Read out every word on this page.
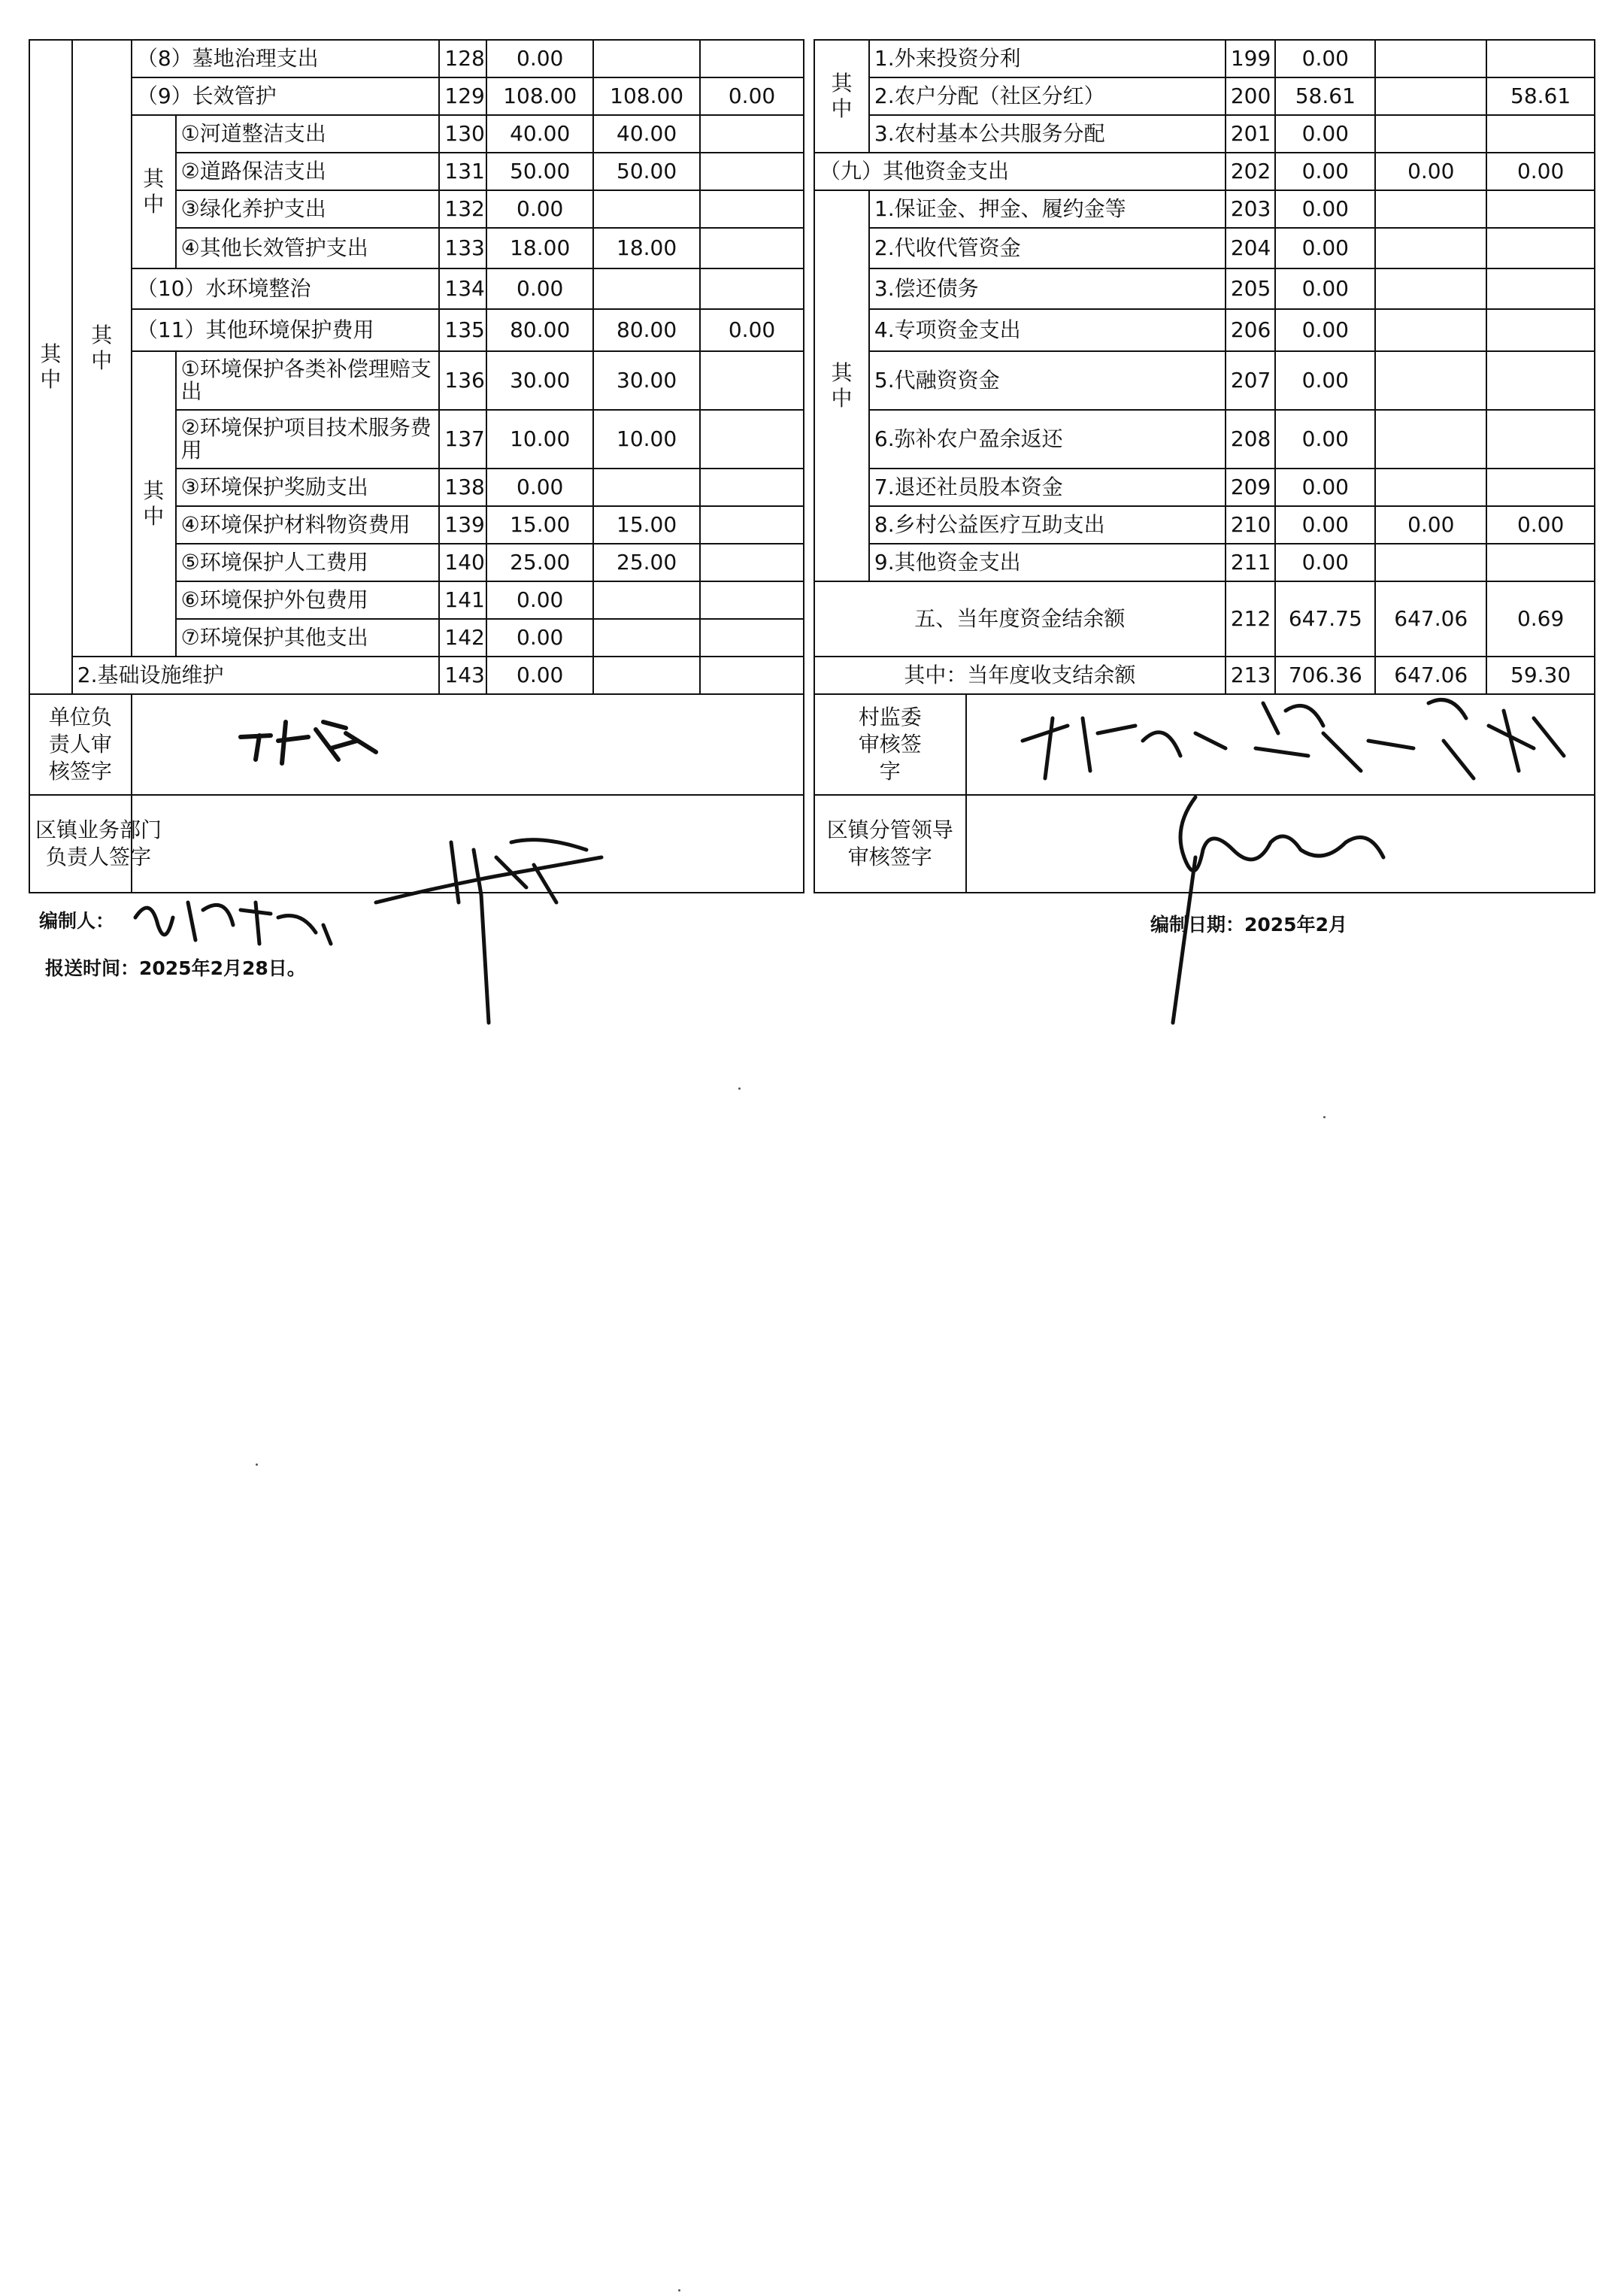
其中	其中	（8）墓地治理支出		128	0.00		
		（9）长效管护		129	108.00	108.00	0.00
		其中	①河道整洁支出	130	40.00	40.00	
			②道路保洁支出	131	50.00	50.00	
			③绿化养护支出	132	0.00		
			④其他长效管护支出	133	18.00	18.00	
		（10）水环境整治		134	0.00		
		（11）其他环境保护费用		135	80.00	80.00	0.00
		其中	①环境保护各类补偿理赔支出	136	30.00	30.00	
			②环境保护项目技术服务费用	137	10.00	10.00	
			③环境保护奖励支出	138	0.00		
			④环境保护材料物资费用	139	15.00	15.00	
			⑤环境保护人工费用	140	25.00	25.00	
			⑥环境保护外包费用	141	0.00		
			⑦环境保护其他支出	142	0.00		
	2.基础设施维护			143	0.00		

单位负责人审核签字							

区镇业务部门负责人签字							

其中	1.外来投资分利		199	0.00		
	2.农户分配（社区分红）		200	58.61		58.61
	3.农村基本公共服务分配		201	0.00		
（九）其他资金支出			202	0.00	0.00	0.00
其中	1.保证金、押金、履约金等		203	0.00		
	2.代收代管资金		204	0.00		
	3.偿还债务		205	0.00		
	4.专项资金支出		206	0.00		
	5.代融资资金		207	0.00		
	6.弥补农户盈余返还		208	0.00		
	7.退还社员股本资金		209	0.00		
	8.乡村公益医疗互助支出		210	0.00	0.00	0.00
	9.其他资金支出		211	0.00		
五、当年度资金结余额			212	647.75	647.06	0.69
其中：当年度收支结余额			213	706.36	647.06	59.30

村监委审核签字						

区镇分管领导审核签字						

编制人：
报送时间：2025年2月28日。
编制日期：2025年2月
